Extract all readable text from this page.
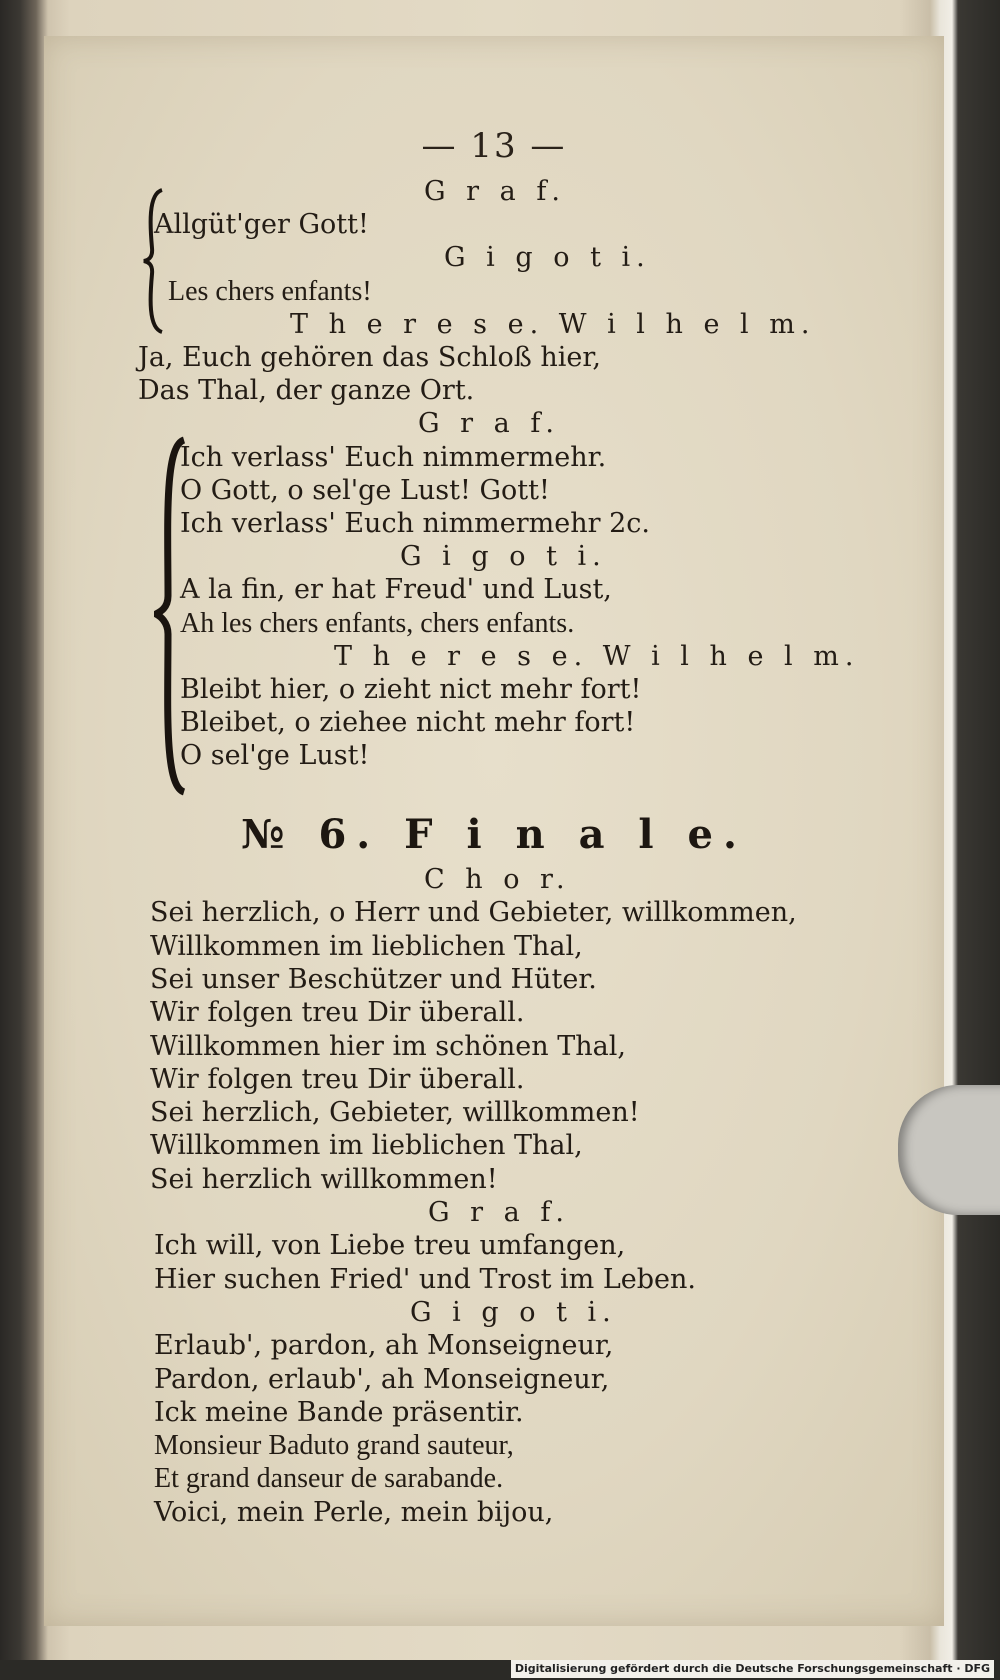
— 13 —
G r a f.
Allgüt'ger Gott!
G i g o t i.
Les chers enfants!
T h e r e s e. W i l h e l m.
Ja, Euch gehören das Schloß hier,
Das Thal, der ganze Ort.
G r a f.
Ich verlass' Euch nimmermehr.
O Gott, o sel'ge Lust! Gott!
Ich verlass' Euch nimmermehr 2c.
G i g o t i.
A la fin, er hat Freud' und Lust,
Ah les chers enfants, chers enfants.
T h e r e s e. W i l h e l m.
Bleibt hier, o zieht nict mehr fort!
Bleibet, o ziehee nicht mehr fort!
O sel'ge Lust!
№ 6. F i n a l e.
C h o r.
Sei herzlich, o Herr und Gebieter, willkommen,
Willkommen im lieblichen Thal,
Sei unser Beschützer und Hüter.
Wir folgen treu Dir überall.
Willkommen hier im schönen Thal,
Wir folgen treu Dir überall.
Sei herzlich, Gebieter, willkommen!
Willkommen im lieblichen Thal,
Sei herzlich willkommen!
G r a f.
Ich will, von Liebe treu umfangen,
Hier suchen Fried' und Trost im Leben.
G i g o t i.
Erlaub', pardon, ah Monseigneur,
Pardon, erlaub', ah Monseigneur,
Ick meine Bande präsentir.
Monsieur Baduto grand sauteur,
Et grand danseur de sarabande.
Voici, mein Perle, mein bijou,
Digitalisierung gefördert durch die Deutsche Forschungsgemeinschaft · DFG
